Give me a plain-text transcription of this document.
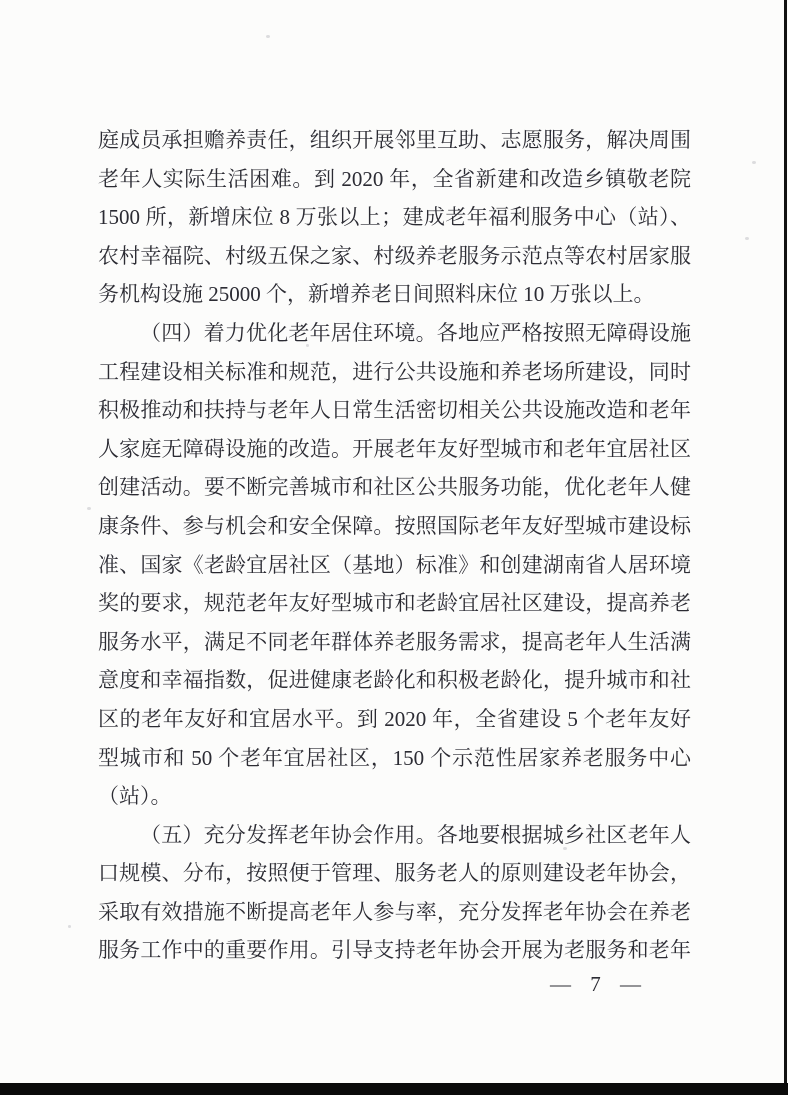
庭成员承担赡养责任，组织开展邻里互助、志愿服务，解决周围
老年人实际生活困难。到 2020 年，全省新建和改造乡镇敬老院
1500 所，新增床位 8 万张以上；建成老年福利服务中心（站）、
农村幸福院、村级五保之家、村级养老服务示范点等农村居家服
务机构设施 25000 个，新增养老日间照料床位 10 万张以上。
（四）着力优化老年居住环境。各地应严格按照无障碍设施
工程建设相关标准和规范，进行公共设施和养老场所建设，同时
积极推动和扶持与老年人日常生活密切相关公共设施改造和老年
人家庭无障碍设施的改造。开展老年友好型城市和老年宜居社区
创建活动。要不断完善城市和社区公共服务功能，优化老年人健
康条件、参与机会和安全保障。按照国际老年友好型城市建设标
准、国家《老龄宜居社区（基地）标准》和创建湖南省人居环境
奖的要求，规范老年友好型城市和老龄宜居社区建设，提高养老
服务水平，满足不同老年群体养老服务需求，提高老年人生活满
意度和幸福指数，促进健康老龄化和积极老龄化，提升城市和社
区的老年友好和宜居水平。到 2020 年，全省建设 5 个老年友好
型城市和 50 个老年宜居社区，150 个示范性居家养老服务中心
（站）。
（五）充分发挥老年协会作用。各地要根据城乡社区老年人
口规模、分布，按照便于管理、服务老人的原则建设老年协会，
采取有效措施不断提高老年人参与率，充分发挥老年协会在养老
服务工作中的重要作用。引导支持老年协会开展为老服务和老年
— 7 —
